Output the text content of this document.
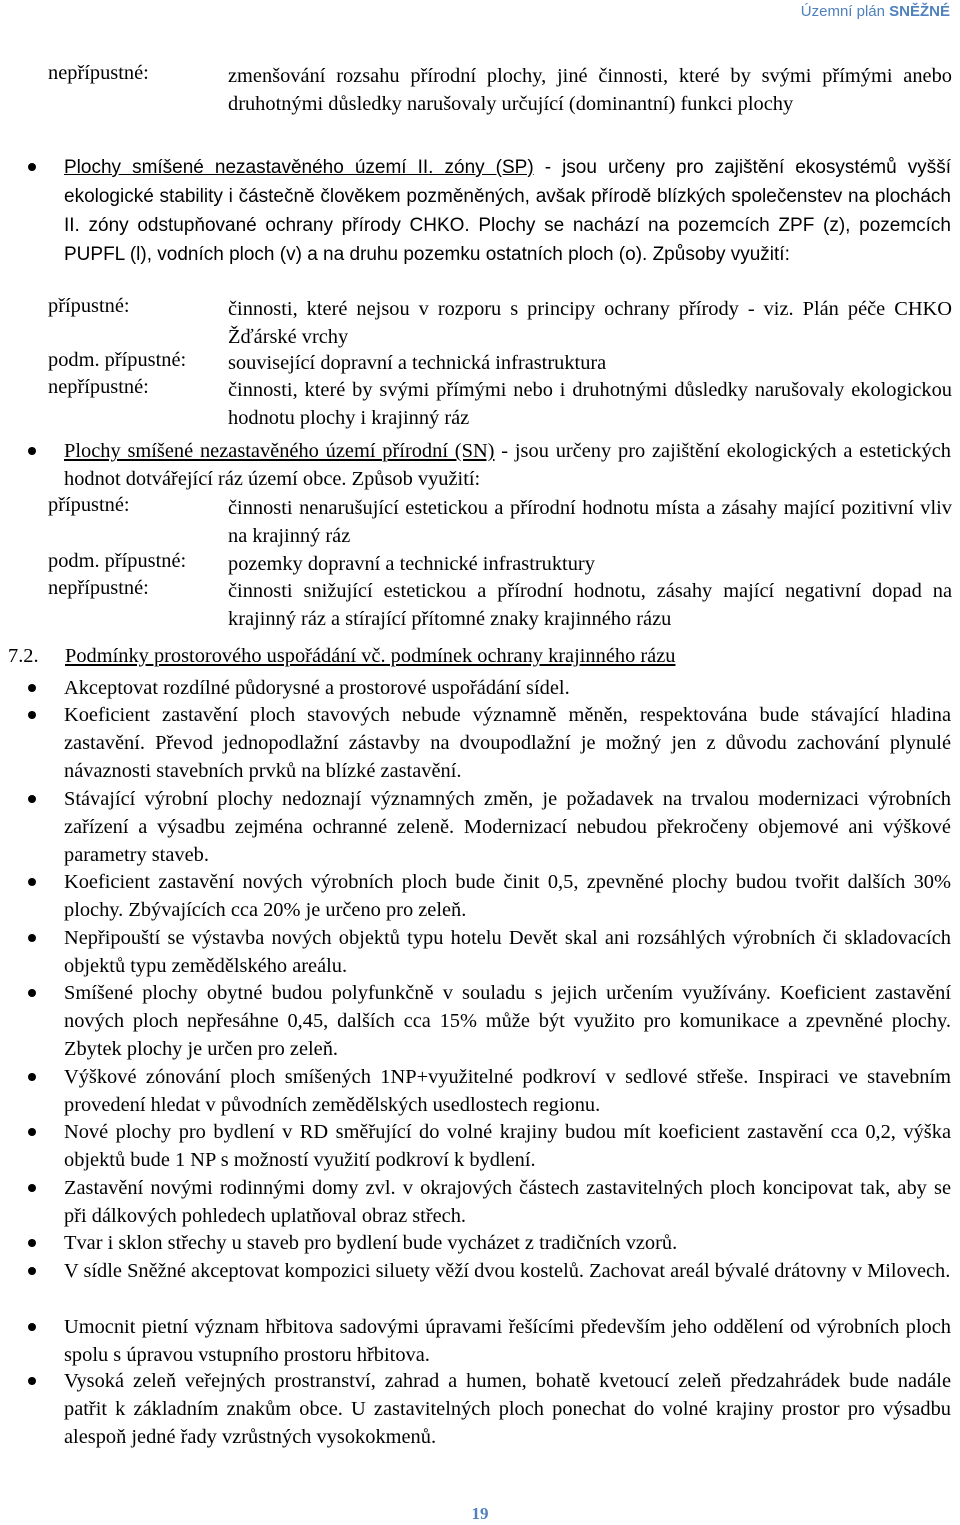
Územní plán SNĚŽNÉ
nepřípustné:	zmenšování rozsahu přírodní plochy, jiné činnosti, které by svými přímými anebo druhotnými důsledky narušovaly určující (dominantní) funkci plochy
Plochy smíšené nezastavěného území II. zóny (SP) - jsou určeny pro zajištění ekosystémů vyšší ekologické stability i částečně člověkem pozměněných, avšak přírodě blízkých společenstev na plochách II. zóny odstupňované ochrany přírody CHKO. Plochy se nachází na pozemcích ZPF (z), pozemcích PUPFL (l), vodních ploch (v) a na druhu pozemku ostatních ploch (o). Způsoby využití:
přípustné:	činnosti, které nejsou v rozporu s principy ochrany přírody - viz. Plán péče CHKO Žďárské vrchy
podm. přípustné: související dopravní a technická infrastruktura
nepřípustné:	činnosti, které by svými přímými nebo i druhotnými důsledky narušovaly ekologickou hodnotu plochy i krajinný ráz
Plochy smíšené nezastavěného území přírodní (SN) - jsou určeny pro zajištění ekologických a estetických hodnot dotvářející ráz území obce. Způsob využití:
přípustné:	činnosti nenarušující estetickou a přírodní hodnotu místa a zásahy mající pozitivní vliv na krajinný ráz
podm. přípustné: pozemky dopravní a technické infrastruktury
nepřípustné:	činnosti snižující estetickou a přírodní hodnotu, zásahy mající negativní dopad na krajinný ráz a stírající přítomné znaky krajinného rázu
7.2. Podmínky prostorového uspořádání vč. podmínek ochrany krajinného rázu
Akceptovat rozdílné půdorysné a prostorové uspořádání sídel.
Koeficient zastavění ploch stavových nebude významně měněn, respektována bude stávající hladina zastavění. Převod jednopodlažní zástavby na dvoupodlažní je možný jen z důvodu zachování plynulé návaznosti stavebních prvků na blízké zastavění.
Stávající výrobní plochy nedoznají významných změn, je požadavek na trvalou modernizaci výrobních zařízení a výsadbu zejména ochranné zeleně. Modernizací nebudou překročeny objemové ani výškové parametry staveb.
Koeficient zastavění nových výrobních ploch bude činit 0,5, zpevněné plochy budou tvořit dalších 30% plochy. Zbývajících cca 20% je určeno pro zeleň.
Nepřipouští se výstavba nových objektů typu hotelu Devět skal ani rozsáhlých výrobních či skladovacích objektů typu zemědělského areálu.
Smíšené plochy obytné budou polyfunkčně v souladu s jejich určením využívány. Koeficient zastavění nových ploch nepřesáhne 0,45, dalších cca 15% může být využito pro komunikace a zpevněné plochy. Zbytek plochy je určen pro zeleň.
Výškové zónování ploch smíšených 1NP+využitelné podkroví v sedlové střeše. Inspiraci ve stavebním provedení hledat v původních zemědělských usedlostech regionu.
Nové plochy pro bydlení v RD směřující do volné krajiny budou mít koeficient zastavění cca 0,2, výška objektů bude 1 NP s možností využití podkroví k bydlení.
Zastavění novými rodinnými domy zvl. v okrajových částech zastavitelných ploch koncipovat tak, aby se při dálkových pohledech uplatňoval obraz střech.
Tvar i sklon střechy u staveb pro bydlení bude vycházet z tradičních vzorů.
V sídle Sněžné akceptovat kompozici siluety věží dvou kostelů. Zachovat areál bývalé drátovny v Milovech.
Umocnit pietní význam hřbitova sadovými úpravami řešícími především jeho oddělení od výrobních ploch spolu s úpravou vstupního prostoru hřbitova.
Vysoká zeleň veřejných prostranství, zahrad a humen, bohatě kvetoucí zeleň předzahrádek bude nadále patřit k základním znakům obce. U zastavitelných ploch ponechat do volné krajiny prostor pro výsadbu alespoň jedné řady vzrůstných vysokokmenů.
19
